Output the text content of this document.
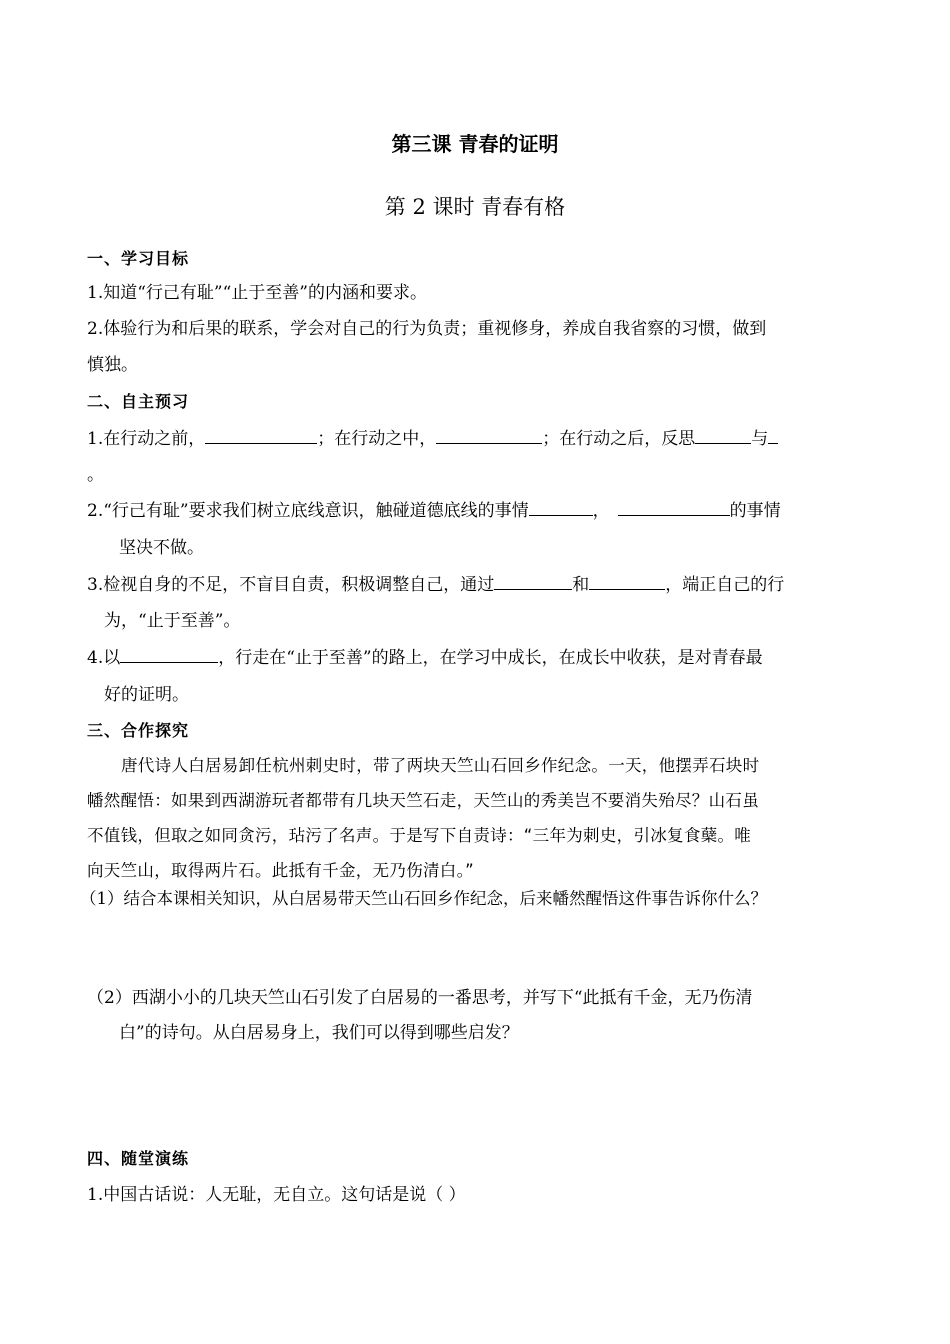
第三课 青春的证明
第 2 课时 青春有格
一、学习目标
1.知道“行己有耻”“止于至善”的内涵和要求。
2.体验行为和后果的联系，学会对自己的行为负责；重视修身，养成自我省察的习惯，做到
慎独。
二、自主预习
1.在行动之前，	；在行动之中，	；在行动之后，反思	与
。
2.“行己有耻”要求我们树立底线意识，触碰道德底线的事情	，	的事情
坚决不做。
3.检视自身的不足，不盲目自责，积极调整自己，通过	和	，端正自己的行
为，“止于至善”。
4.以	，行走在“止于至善”的路上，在学习中成长，在成长中收获，是对青春最
好的证明。
三、合作探究
唐代诗人白居易卸任杭州刺史时，带了两块天竺山石回乡作纪念。一天，他摆弄石块时
幡然醒悟：如果到西湖游玩者都带有几块天竺石走，天竺山的秀美岂不要消失殆尽？山石虽
不值钱，但取之如同贪污，玷污了名声。于是写下自责诗：“三年为刺史，引冰复食蘖。唯
向天竺山，取得两片石。此抵有千金，无乃伤清白。”
（1）结合本课相关知识，从白居易带天竺山石回乡作纪念，后来幡然醒悟这件事告诉你什么？
（2）西湖小小的几块天竺山石引发了白居易的一番思考，并写下“此抵有千金，无乃伤清
白”的诗句。从白居易身上，我们可以得到哪些启发？
四、随堂演练
1.中国古话说：人无耻，无自立。这句话是说（ ）
